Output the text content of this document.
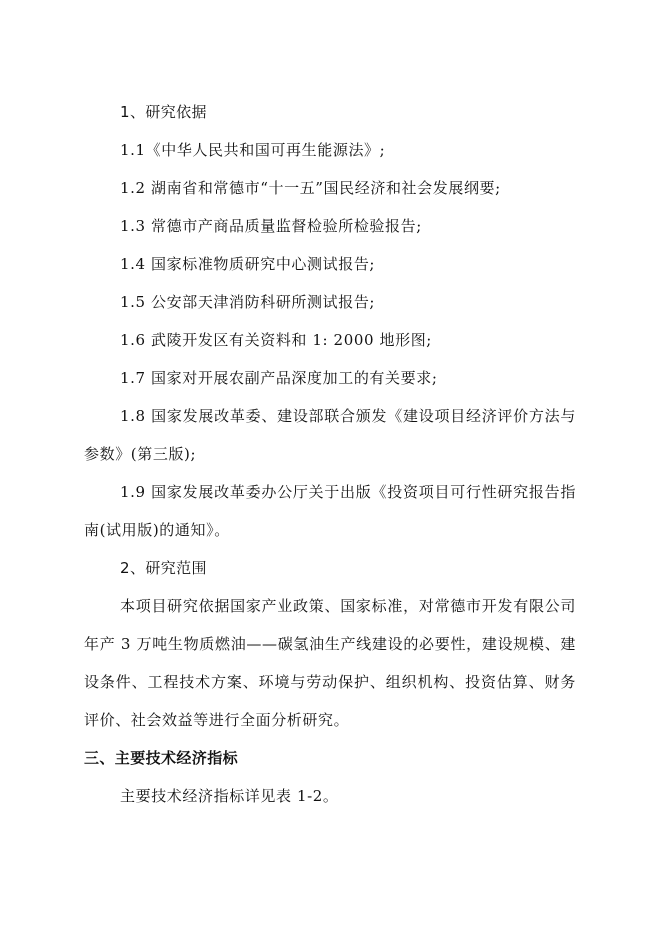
1、研究依据
1.1《中华人民共和国可再生能源法》;
1.2 湖南省和常德市“十一五”国民经济和社会发展纲要;
1.3 常德市产商品质量监督检验所检验报告;
1.4 国家标准物质研究中心测试报告;
1.5 公安部天津消防科研所测试报告;
1.6 武陵开发区有关资料和 1: 2000 地形图;
1.7 国家对开展农副产品深度加工的有关要求;
1.8 国家发展改革委、建设部联合颁发《建设项目经济评价方法与参数》(第三版);
1.9 国家发展改革委办公厅关于出版《投资项目可行性研究报告指南(试用版)的通知》。
2、研究范围
本项目研究依据国家产业政策、国家标准，对常德市开发有限公司年产 3 万吨生物质燃油——碳氢油生产线建设的必要性，建设规模、建设条件、工程技术方案、环境与劳动保护、组织机构、投资估算、财务评价、社会效益等进行全面分析研究。
三、主要技术经济指标
主要技术经济指标详见表 1-2。
